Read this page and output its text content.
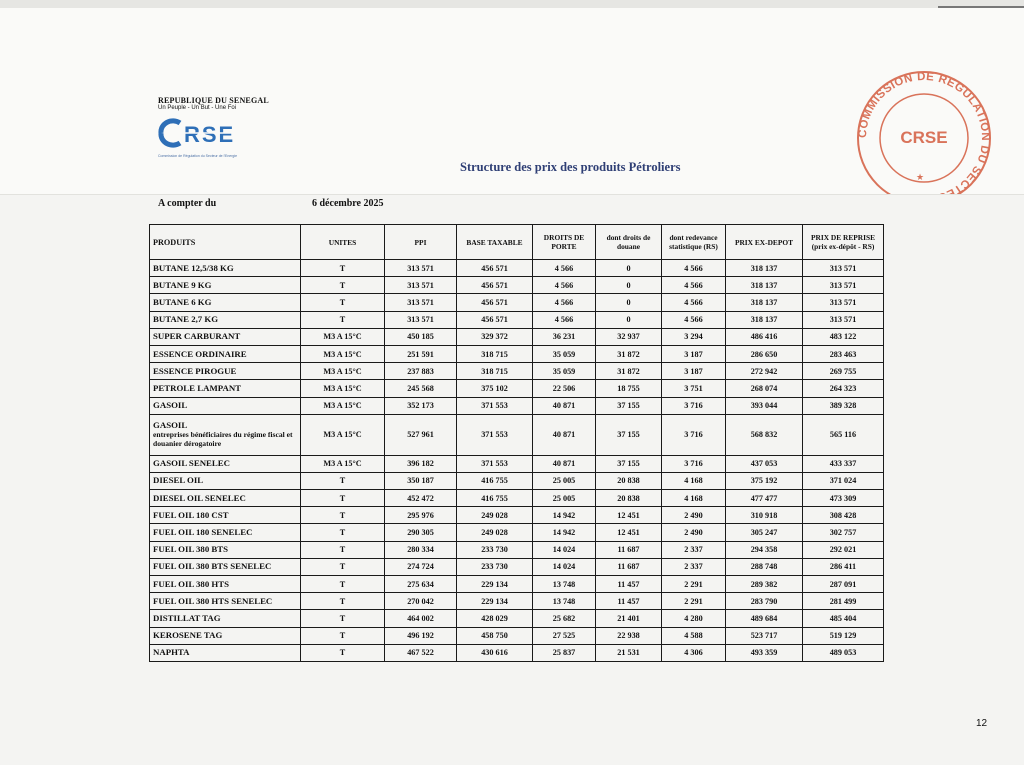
REPUBLIQUE DU SENEGAL
Un Peuple - Un But - Une Foi
RSE
Commission de Régulation du Secteur de l'Energie
Structure des prix des produits Pétroliers
COMMISSION DE REGULATION DU SECTE
CRSE
★
A compter du	6 décembre 2025
PRODUITS	UNITES	PPI	BASE TAXABLE	DROITS DE PORTE	dont droits de douane	dont redevance statistique (RS)	PRIX EX-DEPOT	PRIX DE REPRISE (prix ex-dépôt - RS)

BUTANE 12,5/38 KG	T	313 571	456 571	4 566	0	4 566	318 137	313 571

BUTANE 9 KG	T	313 571	456 571	4 566	0	4 566	318 137	313 571

BUTANE 6 KG	T	313 571	456 571	4 566	0	4 566	318 137	313 571

BUTANE 2,7 KG	T	313 571	456 571	4 566	0	4 566	318 137	313 571

SUPER CARBURANT	M3 A 15°C	450 185	329 372	36 231	32 937	3 294	486 416	483 122

ESSENCE ORDINAIRE	M3 A 15°C	251 591	318 715	35 059	31 872	3 187	286 650	283 463

ESSENCE PIROGUE	M3 A 15°C	237 883	318 715	35 059	31 872	3 187	272 942	269 755

PETROLE LAMPANT	M3 A 15°C	245 568	375 102	22 506	18 755	3 751	268 074	264 323

GASOIL	M3 A 15°C	352 173	371 553	40 871	37 155	3 716	393 044	389 328

GASOIL
entreprises bénéficiaires du régime fiscal et douanier dérogatoire	M3 A 15°C	527 961	371 553	40 871	37 155	3 716	568 832	565 116

GASOIL SENELEC	M3 A 15°C	396 182	371 553	40 871	37 155	3 716	437 053	433 337

DIESEL OIL	T	350 187	416 755	25 005	20 838	4 168	375 192	371 024

DIESEL OIL SENELEC	T	452 472	416 755	25 005	20 838	4 168	477 477	473 309

FUEL OIL 180 CST	T	295 976	249 028	14 942	12 451	2 490	310 918	308 428

FUEL OIL 180 SENELEC	T	290 305	249 028	14 942	12 451	2 490	305 247	302 757

FUEL OIL 380 BTS	T	280 334	233 730	14 024	11 687	2 337	294 358	292 021

FUEL OIL 380 BTS SENELEC	T	274 724	233 730	14 024	11 687	2 337	288 748	286 411

FUEL OIL 380 HTS	T	275 634	229 134	13 748	11 457	2 291	289 382	287 091

FUEL OIL 380 HTS SENELEC	T	270 042	229 134	13 748	11 457	2 291	283 790	281 499

DISTILLAT TAG	T	464 002	428 029	25 682	21 401	4 280	489 684	485 404

KEROSENE TAG	T	496 192	458 750	27 525	22 938	4 588	523 717	519 129

NAPHTA	T	467 522	430 616	25 837	21 531	4 306	493 359	489 053
12
